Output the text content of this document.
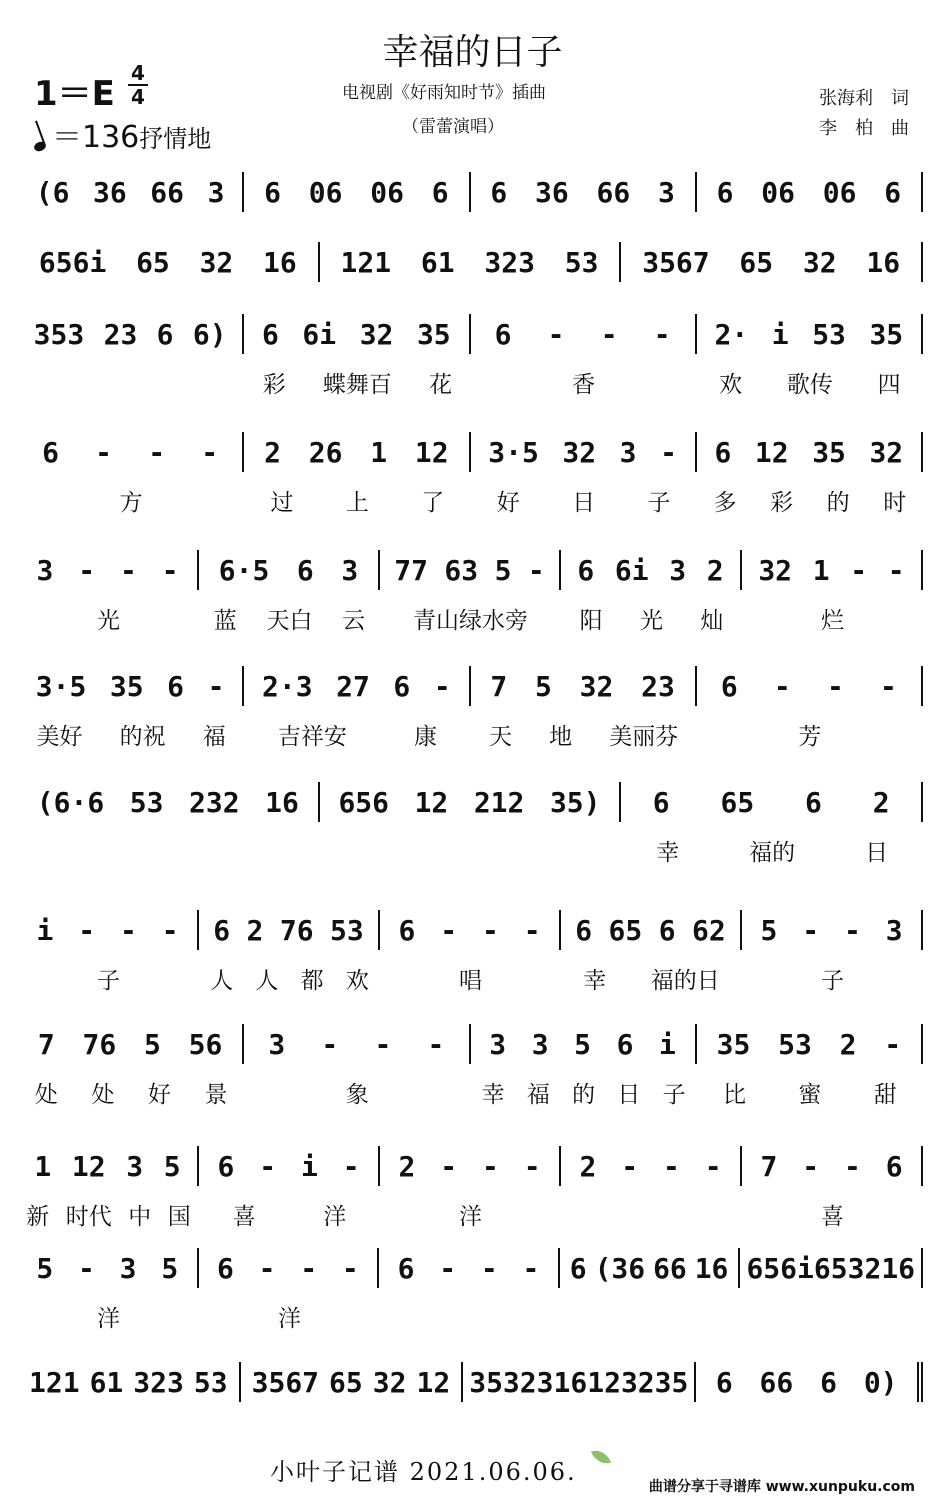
幸福的日子
1＝E
4
4
＝136抒情地
电视剧《好雨知时节》插曲
（雷蕾演唱）
张海利　词
李　柏　曲
(6 36 66 3 6 06 06 6 6 36 66 3 6 06 06 6
656i 65 32 16 121 61 323 53 3567 65 32 16
353 23 6 6) 6 6i 32 35 6 - - - 2· i 53 35
彩 蝶舞百 花	香	欢 歌传 四
6 - - - 2 26 1 12 3·5 32 3 - 6 12 35 32
方	过 上 了 好 日 子 多 彩 的 时
3 - - - 6·5 6 3 77 63 5 - 6 6i 3 2 32 1 - -
光	蓝 天白 云 青山绿水旁 阳 光 灿	烂
3·5 35 6 - 2·3 27 6 - 7 5 32 23 6 - - -
美好 的祝 福 吉祥安	康 天 地 美丽芬	芳
(6·6 53 232 16 656 12 212 35) 6 65 6 2
幸	福的	日
i - - - 6 2 76 53 6 - - - 6 65 6 62 5 - - 3
子	人 人 都 欢	唱	幸 福的日	子
7 76 5 56 3 - - - 3 3 5 6 i 35 53 2 -
处 处 好 景	象	幸 福 的 日 子 比 蜜 甜
1 12 3 5 6 - i - 2 - - - 2 - - - 7 - - 6
新 时代 中 国 喜	洋	洋	喜
5 - 3 5 6 - - - 6 - - - 6 (36 66 16 656i 65 32 16
洋	洋
121 61 323 53 3567 65 32 12 353 23 1612 3235 6 66 6 0)
小叶子记谱 2021.06.06.
曲谱分享于寻谱库 www.xunpuku.com
